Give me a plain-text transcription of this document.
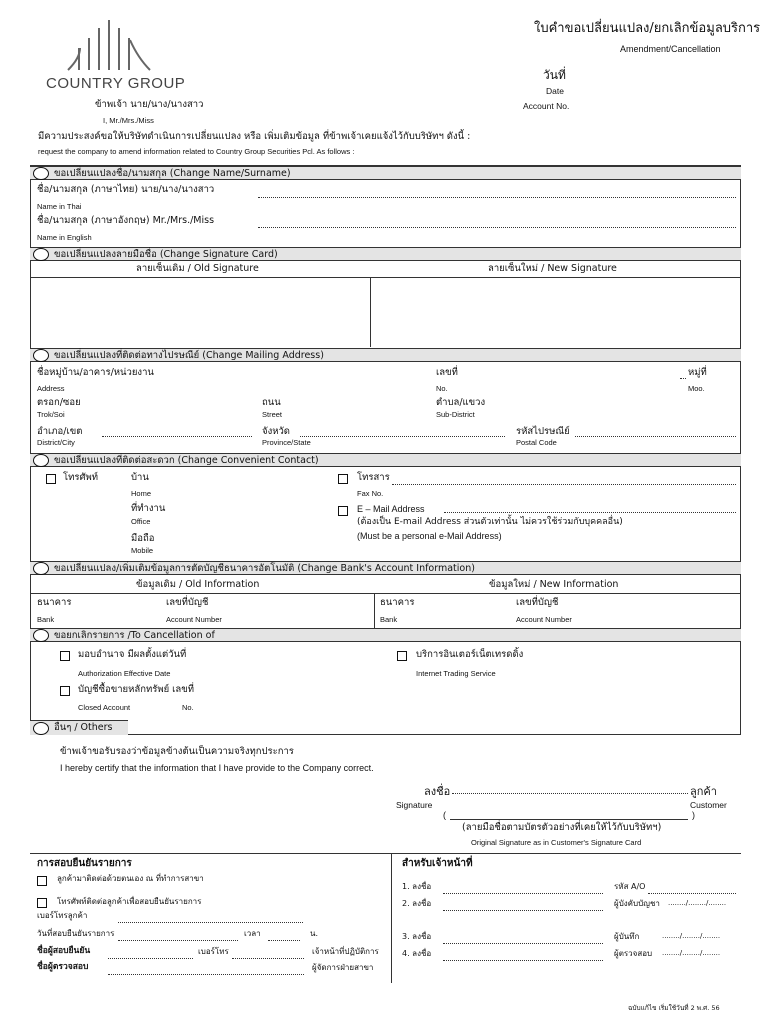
COUNTRY GROUP
ใบคำขอเปลี่ยนแปลง/ยกเลิกข้อมูลบริการ
Amendment/Cancellation
วันที่
Date
Account No.
ข้าพเจ้า นาย/นาง/นางสาว
I, Mr./Mrs./Miss
มีความประสงค์ขอให้บริษัทดำเนินการเปลี่ยนแปลง หรือ เพิ่มเติมข้อมูล ที่ข้าพเจ้าเคยแจ้งไว้กับบริษัทฯ ดังนี้ :
request the company to amend information related to Country Group Securities Pcl. As follows :
ขอเปลี่ยนแปลงชื่อ/นามสกุล (Change Name/Surname)
ชื่อ/นามสกุล (ภาษาไทย) นาย/นาง/นางสาว
Name in Thai
ชื่อ/นามสกุล (ภาษาอังกฤษ) Mr./Mrs./Miss
Name in English
ขอเปลี่ยนแปลงลายมือชื่อ (Change Signature Card)
ลายเซ็นเดิม / Old Signature	ลายเซ็นใหม่ / New Signature
ขอเปลี่ยนแปลงที่ติดต่อทางไปรษณีย์ (Change Mailing Address)
ชื่อหมู่บ้าน/อาคาร/หน่วยงาน
Address
เลขที่
No.
หมู่ที่
Moo.
ตรอก/ซอย
Trok/Soi
ถนน
Street
ตำบล/แขวง
Sub-District
อำเภอ/เขต
District/City
จังหวัด
Province/State
รหัสไปรษณีย์
Postal Code
ขอเปลี่ยนแปลงที่ติดต่อสะดวก (Change Convenient Contact)
โทรศัพท์	บ้าน
Home
ที่ทำงาน
Office
มือถือ
Mobile
โทรสาร
Fax No.
E – Mail Address
(ต้องเป็น E-mail Address ส่วนตัวเท่านั้น ไม่ควรใช้ร่วมกับบุคคลอื่น)
(Must be a personal e-Mail Address)
ขอเปลี่ยนแปลง/เพิ่มเติมข้อมูลการตัดบัญชีธนาคารอัตโนมัติ (Change Bank's Account Information)
ข้อมูลเดิม / Old Information	ข้อมูลใหม่ / New Information
ธนาคาร
Bank
เลขที่บัญชี
Account Number
ธนาคาร
Bank
เลขที่บัญชี
Account Number
ขอยกเลิกรายการ /To Cancellation of
มอบอำนาจ มีผลตั้งแต่วันที่
Authorization Effective Date
บัญชีซื้อขายหลักทรัพย์ เลขที่
Closed Account	No.
บริการอินเตอร์เน็ตเทรดดิ้ง
Internet Trading Service
อื่นๆ / Others
ข้าพเจ้าขอรับรองว่าข้อมูลข้างต้นเป็นความจริงทุกประการ
I hereby certify that the information that I have provide to the Company correct.
ลงชื่อ	ลูกค้า
Signature	Customer
(	)
(ลายมือชื่อตามบัตรตัวอย่างที่เคยให้ไว้กับบริษัทฯ)
Original Signature as in Customer's Signature Card
การสอบยืนยันรายการ
ลูกค้ามาติดต่อด้วยตนเอง ณ ที่ทำการสาขา
โทรศัพท์ติดต่อลูกค้าเพื่อสอบยืนยันรายการ
เบอร์โทรลูกค้า
วันที่สอบยืนยันรายการ	เวลา	น.
ชื่อผู้สอบยืนยัน	เบอร์โทร	เจ้าหน้าที่ปฏิบัติการ
ชื่อผู้ตรวจสอบ	ผู้จัดการฝ่ายสาขา
สำหรับเจ้าหน้าที่
1. ลงชื่อ	รหัส A/O
2. ลงชื่อ	ผู้บังคับบัญชา ......../......../........
3. ลงชื่อ	ผู้บันทึก	......../......../........
4. ลงชื่อ	ผู้ตรวจสอบ ......../......../........
ฉบับแก้ไข เริ่มใช้วันที่ 2 พ.ศ. 56
